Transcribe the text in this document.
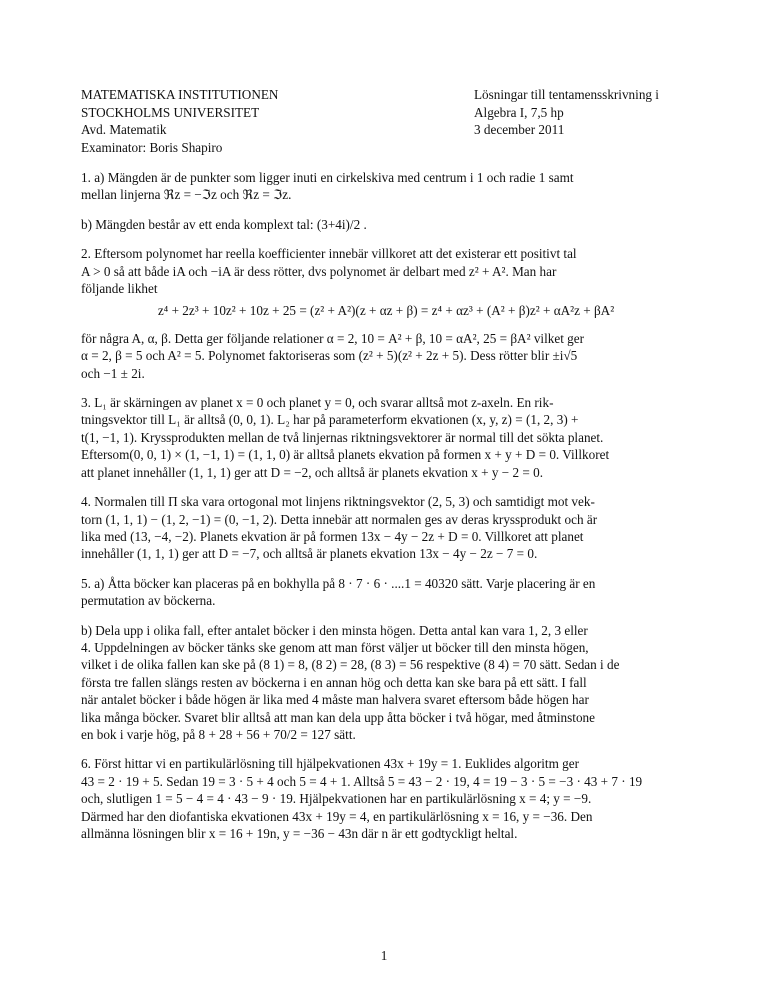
MATEMATISKA INSTITUTIONEN
STOCKHOLMS UNIVERSITET
Avd. Matematik
Examinator: Boris Shapiro
Lösningar till tentamensskrivning i
Algebra I, 7,5 hp
3 december 2011
1. a) Mängden är de punkter som ligger inuti en cirkelskiva med centrum i 1 och radie 1 samt
mellan linjerna ℜz = −ℑz och ℜz = ℑz.
b) Mängden består av ett enda komplext tal: (3+4i)/2 .
2. Eftersom polynomet har reella koefficienter innebär villkoret att det existerar ett positivt tal
A > 0 så att både iA och −iA är dess rötter, dvs polynomet är delbart med z² + A². Man har
följande likhet
z⁴ + 2z³ + 10z² + 10z + 25 = (z² + A²)(z + αz + β) = z⁴ + αz³ + (A² + β)z² + αA²z + βA²
för några A, α, β. Detta ger följande relationer α = 2, 10 = A² + β, 10 = αA², 25 = βA² vilket ger
α = 2, β = 5 och A² = 5. Polynomet faktoriseras som (z² + 5)(z² + 2z + 5). Dess rötter blir ±i√5
och −1 ± 2i.
3. L₁ är skärningen av planet x = 0 och planet y = 0, och svarar alltså mot z-axeln. En rik-
tningsvektor till L₁ är alltså (0, 0, 1). L₂ har på parameterform ekvationen (x, y, z) = (1, 2, 3) +
t(1, −1, 1). Kryssprodukten mellan de två linjernas riktningsvektorer är normal till det sökta planet.
Eftersom(0, 0, 1) × (1, −1, 1) = (1, 1, 0) är alltså planets ekvation på formen x + y + D = 0. Villkoret
att planet innehåller (1, 1, 1) ger att D = −2, och alltså är planets ekvation x + y − 2 = 0.
4. Normalen till Π ska vara ortogonal mot linjens riktningsvektor (2, 5, 3) och samtidigt mot vek-
torn (1, 1, 1) − (1, 2, −1) = (0, −1, 2). Detta innebär att normalen ges av deras kryssprodukt och är
lika med (13, −4, −2). Planets ekvation är på formen 13x − 4y − 2z + D = 0. Villkoret att planet
innehåller (1, 1, 1) ger att D = −7, och alltså är planets ekvation 13x − 4y − 2z − 7 = 0.
5. a) Åtta böcker kan placeras på en bokhylla på 8 · 7 · 6 · ....1 = 40320 sätt. Varje placering är en
permutation av böckerna.
b) Dela upp i olika fall, efter antalet böcker i den minsta högen. Detta antal kan vara 1, 2, 3 eller
4. Uppdelningen av böcker tänks ske genom att man först väljer ut böcker till den minsta högen,
vilket i de olika fallen kan ske på (8 1) = 8, (8 2) = 28, (8 3) = 56 respektive (8 4) = 70 sätt. Sedan i de
första tre fallen slängs resten av böckerna i en annan hög och detta kan ske bara på ett sätt. I fall
när antalet böcker i både högen är lika med 4 måste man halvera svaret eftersom både högen har
lika många böcker. Svaret blir alltså att man kan dela upp åtta böcker i två högar, med åtminstone
en bok i varje hög, på 8 + 28 + 56 + 70/2 = 127 sätt.
6. Först hittar vi en partikulärlösning till hjälpekvationen 43x + 19y = 1. Euklides algoritm ger
43 = 2 · 19 + 5. Sedan 19 = 3 · 5 + 4 och 5 = 4 + 1. Alltså 5 = 43 − 2 · 19, 4 = 19 − 3 · 5 = −3 · 43 + 7 · 19
och, slutligen 1 = 5 − 4 = 4 · 43 − 9 · 19. Hjälpekvationen har en partikulärlösning x = 4; y = −9.
Därmed har den diofantiska ekvationen 43x + 19y = 4, en partikulärlösning x = 16, y = −36. Den
allmänna lösningen blir x = 16 + 19n, y = −36 − 43n där n är ett godtyckligt heltal.
1
